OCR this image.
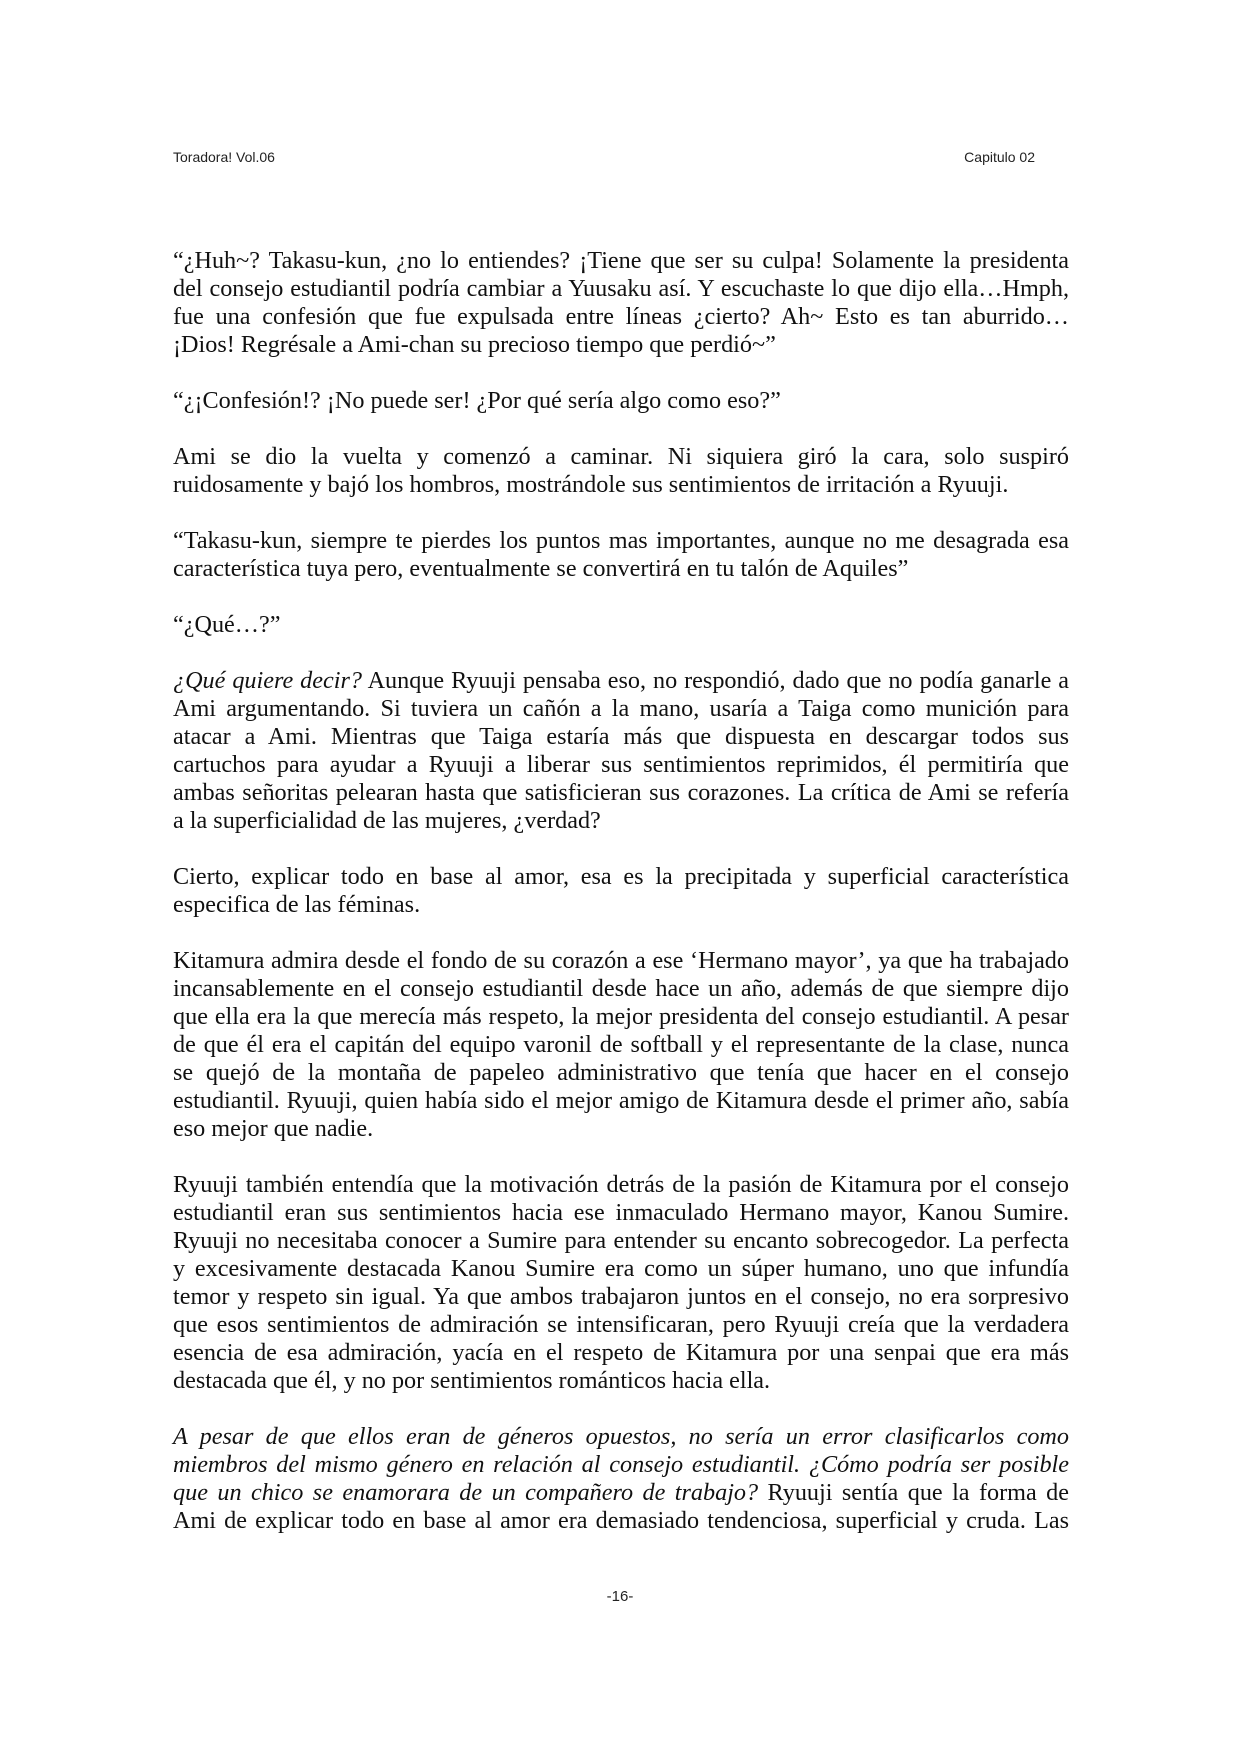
Toradora! Vol.06	Capitulo 02
“¿Huh~? Takasu-kun, ¿no lo entiendes? ¡Tiene que ser su culpa! Solamente la presidenta
del consejo estudiantil podría cambiar a Yuusaku así. Y escuchaste lo que dijo ella…Hmph,
fue una confesión que fue expulsada entre líneas ¿cierto? Ah~ Esto es tan aburrido…
¡Dios! Regrésale a Ami-chan su precioso tiempo que perdió~”
“¿¡Confesión!? ¡No puede ser! ¿Por qué sería algo como eso?”
Ami se dio la vuelta y comenzó a caminar. Ni siquiera giró la cara, solo suspiró
ruidosamente y bajó los hombros, mostrándole sus sentimientos de irritación a Ryuuji.
“Takasu-kun, siempre te pierdes los puntos mas importantes, aunque no me desagrada esa
característica tuya pero, eventualmente se convertirá en tu talón de Aquiles”
“¿Qué…?”
¿Qué quiere decir? Aunque Ryuuji pensaba eso, no respondió, dado que no podía ganarle a
Ami argumentando. Si tuviera un cañón a la mano, usaría a Taiga como munición para
atacar a Ami. Mientras que Taiga estaría más que dispuesta en descargar todos sus
cartuchos para ayudar a Ryuuji a liberar sus sentimientos reprimidos, él permitiría que
ambas señoritas pelearan hasta que satisficieran sus corazones. La crítica de Ami se refería
a la superficialidad de las mujeres, ¿verdad?
Cierto, explicar todo en base al amor, esa es la precipitada y superficial característica
especifica de las féminas.
Kitamura admira desde el fondo de su corazón a ese ‘Hermano mayor’, ya que ha trabajado
incansablemente en el consejo estudiantil desde hace un año, además de que siempre dijo
que ella era la que merecía más respeto, la mejor presidenta del consejo estudiantil. A pesar
de que él era el capitán del equipo varonil de softball y el representante de la clase, nunca
se quejó de la montaña de papeleo administrativo que tenía que hacer en el consejo
estudiantil. Ryuuji, quien había sido el mejor amigo de Kitamura desde el primer año, sabía
eso mejor que nadie.
Ryuuji también entendía que la motivación detrás de la pasión de Kitamura por el consejo
estudiantil eran sus sentimientos hacia ese inmaculado Hermano mayor, Kanou Sumire.
Ryuuji no necesitaba conocer a Sumire para entender su encanto sobrecogedor. La perfecta
y excesivamente destacada Kanou Sumire era como un súper humano, uno que infundía
temor y respeto sin igual. Ya que ambos trabajaron juntos en el consejo, no era sorpresivo
que esos sentimientos de admiración se intensificaran, pero Ryuuji creía que la verdadera
esencia de esa admiración, yacía en el respeto de Kitamura por una senpai que era más
destacada que él, y no por sentimientos románticos hacia ella.
A pesar de que ellos eran de géneros opuestos, no sería un error clasificarlos como
miembros del mismo género en relación al consejo estudiantil. ¿Cómo podría ser posible
que un chico se enamorara de un compañero de trabajo? Ryuuji sentía que la forma de
Ami de explicar todo en base al amor era demasiado tendenciosa, superficial y cruda. Las
-16-
